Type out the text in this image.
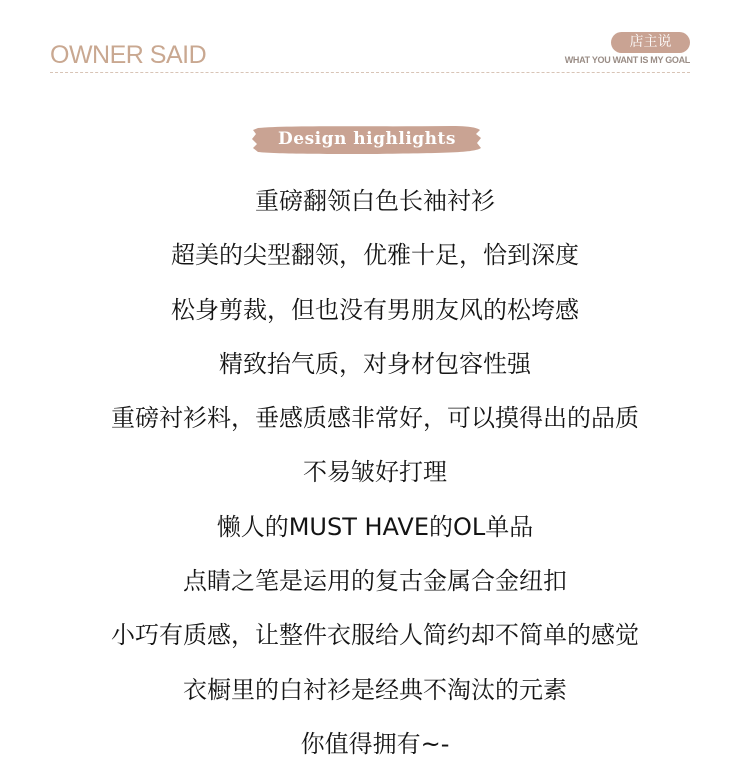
OWNER SAID	店主说
WHAT YOU WANT IS MY GOAL
Design highlights
重磅翻领白色长袖衬衫
超美的尖型翻领，优雅十足，恰到深度
松身剪裁，但也没有男朋友风的松垮感
精致抬气质，对身材包容性强
重磅衬衫料，垂感质感非常好，可以摸得出的品质
不易皱好打理
懒人的MUST HAVE的OL单品
点睛之笔是运用的复古金属合金纽扣
小巧有质感，让整件衣服给人简约却不简单的感觉
衣橱里的白衬衫是经典不淘汰的元素
你值得拥有~-
